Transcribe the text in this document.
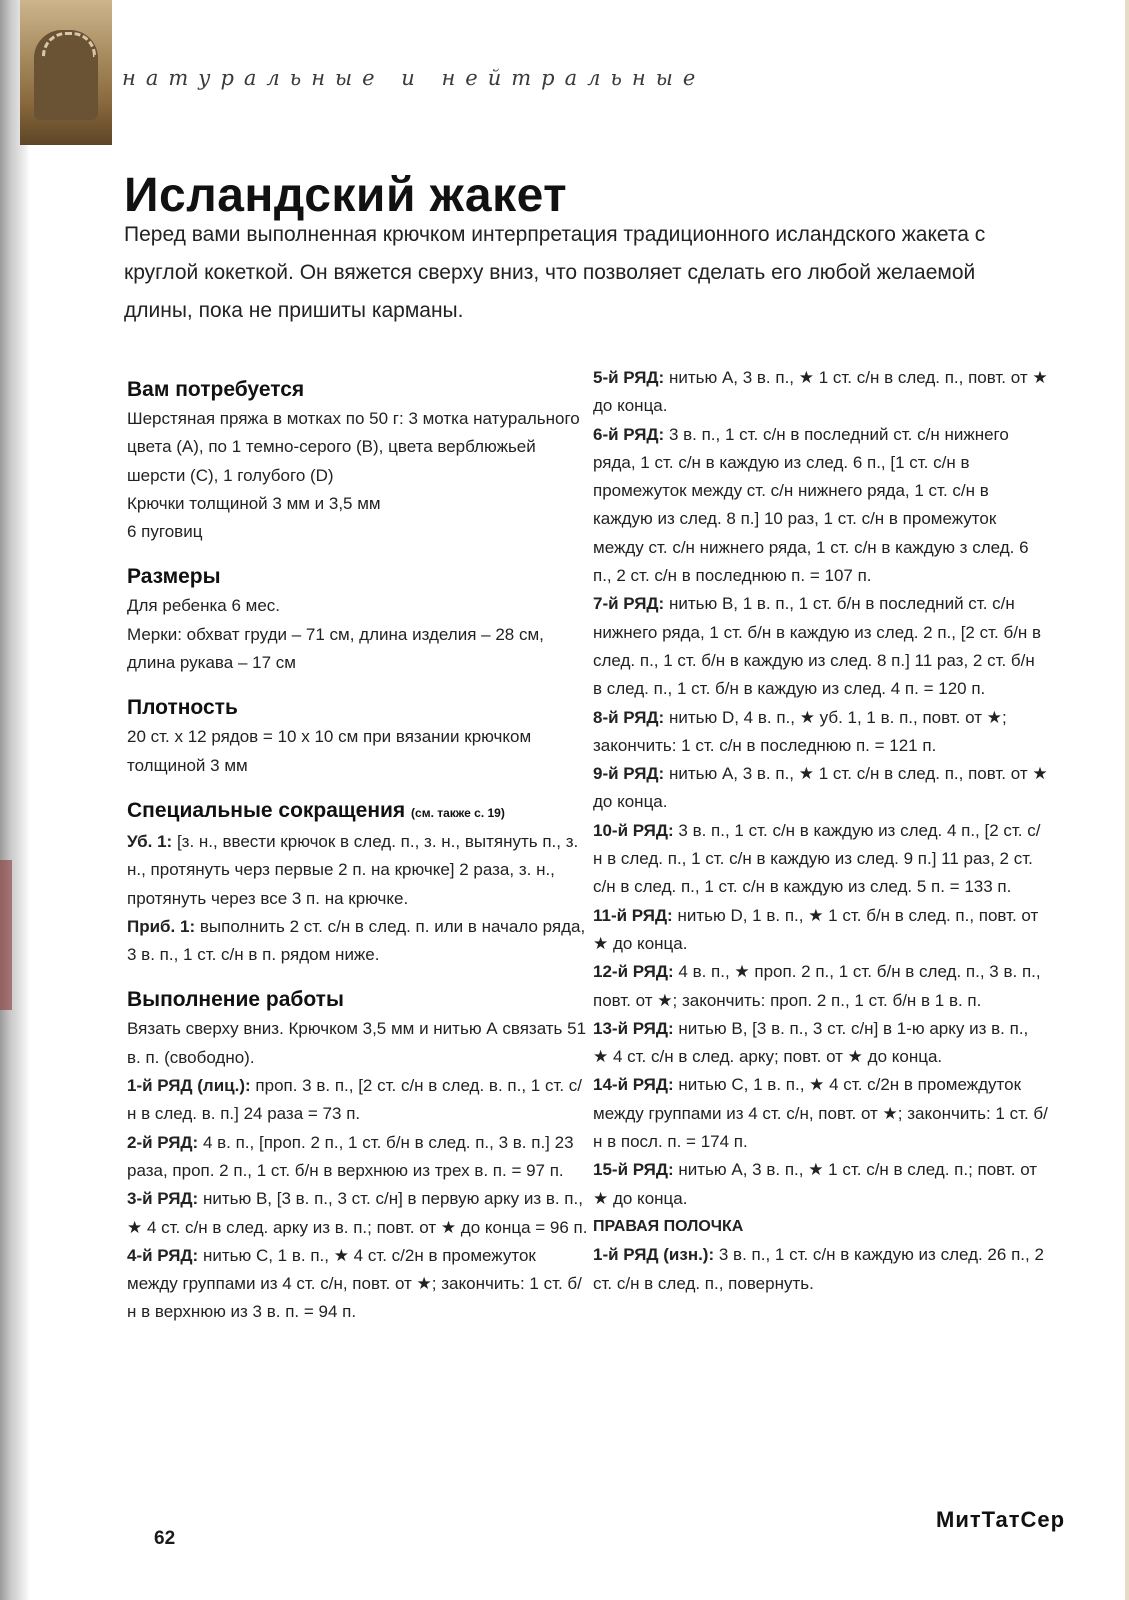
натуральные и нейтральные
Исландский жакет

Перед вами выполненная крючком интерпретация традиционного исландского жакета с круглой кокеткой. Он вяжется сверху вниз, что позволяет сделать его любой желаемой длины, пока не пришиты карманы.

Вам потребуется

Шерстяная пряжа в мотках по 50 г: 3 мотка натурального цвета (A), по 1 темно-серого (B), цвета верблюжьей шерсти (C), 1 голубого (D)

Крючки толщиной 3 мм и 3,5 мм

6 пуговиц

Размеры

Для ребенка 6 мес.

Мерки: обхват груди – 71 см, длина изделия – 28 см, длина рукава – 17 см

Плотность

20 ст. х 12 рядов = 10 х 10 см при вязании крючком толщиной 3 мм

Специальные сокращения (см. также с. 19)

Уб. 1: [з. н., ввести крючок в след. п., з. н., вытянуть п., з. н., протянуть черз первые 2 п. на крючке] 2 раза, з. н., протянуть через все 3 п. на крючке.

Приб. 1: выполнить 2 ст. с/н в след. п. или в начало ряда, 3 в. п., 1 ст. с/н в п. рядом ниже.

Выполнение работы

Вязать сверху вниз. Крючком 3,5 мм и нитью А связать 51 в. п. (свободно).

1-й РЯД (лиц.): проп. 3 в. п., [2 ст. с/н в след. в. п., 1 ст. с/н в след. в. п.] 24 раза = 73 п.

2-й РЯД: 4 в. п., [проп. 2 п., 1 ст. б/н в след. п., 3 в. п.] 23 раза, проп. 2 п., 1 ст. б/н в верхнюю из трех в. п. = 97 п.

3-й РЯД: нитью В, [3 в. п., 3 ст. с/н] в первую арку из в. п., ★ 4 ст. с/н в след. арку из в. п.; повт. от ★ до конца = 96 п.

4-й РЯД: нитью С, 1 в. п., ★ 4 ст. с/2н в промежуток между группами из 4 ст. с/н, повт. от ★; закончить: 1 ст. б/н в верхнюю из 3 в. п. = 94 п.

5-й РЯД: нитью А, 3 в. п., ★ 1 ст. с/н в след. п., повт. от ★ до конца.

6-й РЯД: 3 в. п., 1 ст. с/н в последний ст. с/н нижнего ряда, 1 ст. с/н в каждую из след. 6 п., [1 ст. с/н в промежуток между ст. с/н нижнего ряда, 1 ст. с/н в каждую из след. 8 п.] 10 раз, 1 ст. с/н в промежуток между ст. с/н нижнего ряда, 1 ст. с/н в каждую з след. 6 п., 2 ст. с/н в последнюю п. = 107 п.

7-й РЯД: нитью В, 1 в. п., 1 ст. б/н в последний ст. с/н нижнего ряда, 1 ст. б/н в каждую из след. 2 п., [2 ст. б/н в след. п., 1 ст. б/н в каждую из след. 8 п.] 11 раз, 2 ст. б/н в след. п., 1 ст. б/н в каждую из след. 4 п. = 120 п.

8-й РЯД: нитью D, 4 в. п., ★ уб. 1, 1 в. п., повт. от ★; закончить: 1 ст. с/н в последнюю п. = 121 п.

9-й РЯД: нитью А, 3 в. п., ★ 1 ст. с/н в след. п., повт. от ★ до конца.

10-й РЯД: 3 в. п., 1 ст. с/н в каждую из след. 4 п., [2 ст. с/н в след. п., 1 ст. с/н в каждую из след. 9 п.] 11 раз, 2 ст. с/н в след. п., 1 ст. с/н в каждую из след. 5 п. = 133 п.

11-й РЯД: нитью D, 1 в. п., ★ 1 ст. б/н в след. п., повт. от ★ до конца.

12-й РЯД: 4 в. п., ★ проп. 2 п., 1 ст. б/н в след. п., 3 в. п., повт. от ★; закончить: проп. 2 п., 1 ст. б/н в 1 в. п.

13-й РЯД: нитью В, [3 в. п., 3 ст. с/н] в 1-ю арку из в. п., ★ 4 ст. с/н в след. арку; повт. от ★ до конца.

14-й РЯД: нитью С, 1 в. п., ★ 4 ст. с/2н в промеждуток между группами из 4 ст. с/н, повт. от ★; закончить: 1 ст. б/н в посл. п. = 174 п.

15-й РЯД: нитью А, 3 в. п., ★ 1 ст. с/н в след. п.; повт. от ★ до конца.

ПРАВАЯ ПОЛОЧКА

1-й РЯД (изн.): 3 в. п., 1 ст. с/н в каждую из след. 26 п., 2 ст. с/н в след. п., повернуть.

62
МитТатСер
